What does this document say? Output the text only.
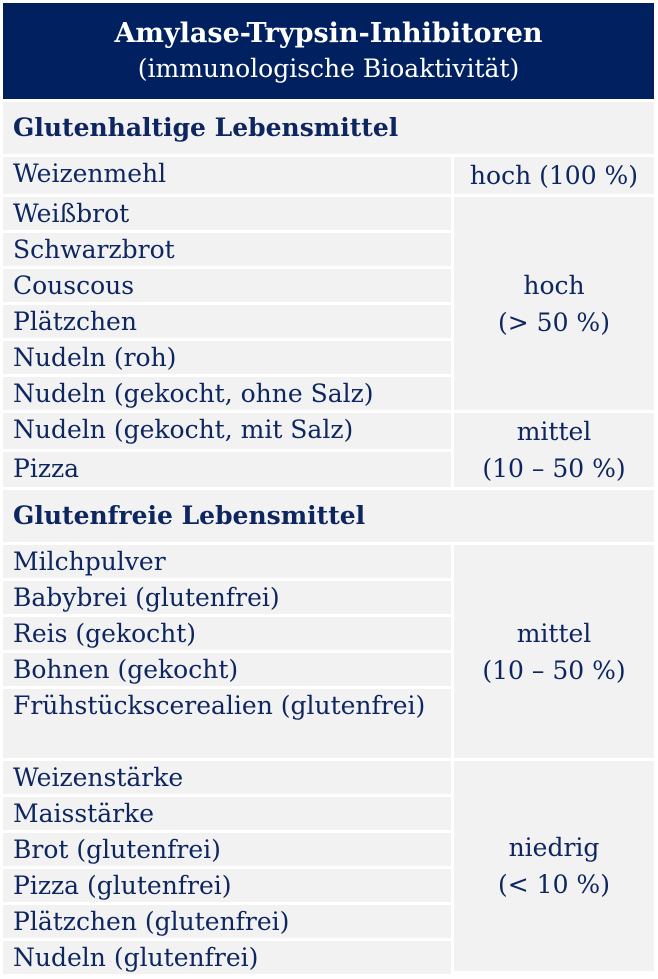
Amylase-Trypsin-Inhibitoren
(immunologische Bioaktivität)	

Glutenhaltige Lebensmittel	
Weizenmehl	hoch (100 %)

Weißbrot	hoch
(> 50 %)

Schwarzbrot	
Couscous	
Plätzchen	
Nudeln (roh)	
Nudeln (gekocht, ohne Salz)	
Nudeln (gekocht, mit Salz)	mittel
(10 – 50 %)

Pizza	
Glutenfreie Lebensmittel	
Milchpulver	mittel
(10 – 50 %)

Babybrei (glutenfrei)	
Reis (gekocht)	
Bohnen (gekocht)	
Frühstückscerealien (glutenfrei)	
Weizenstärke	niedrig
(< 10 %)

Maisstärke	
Brot (glutenfrei)	
Pizza (glutenfrei)	
Plätzchen (glutenfrei)	
Nudeln (glutenfrei)	
